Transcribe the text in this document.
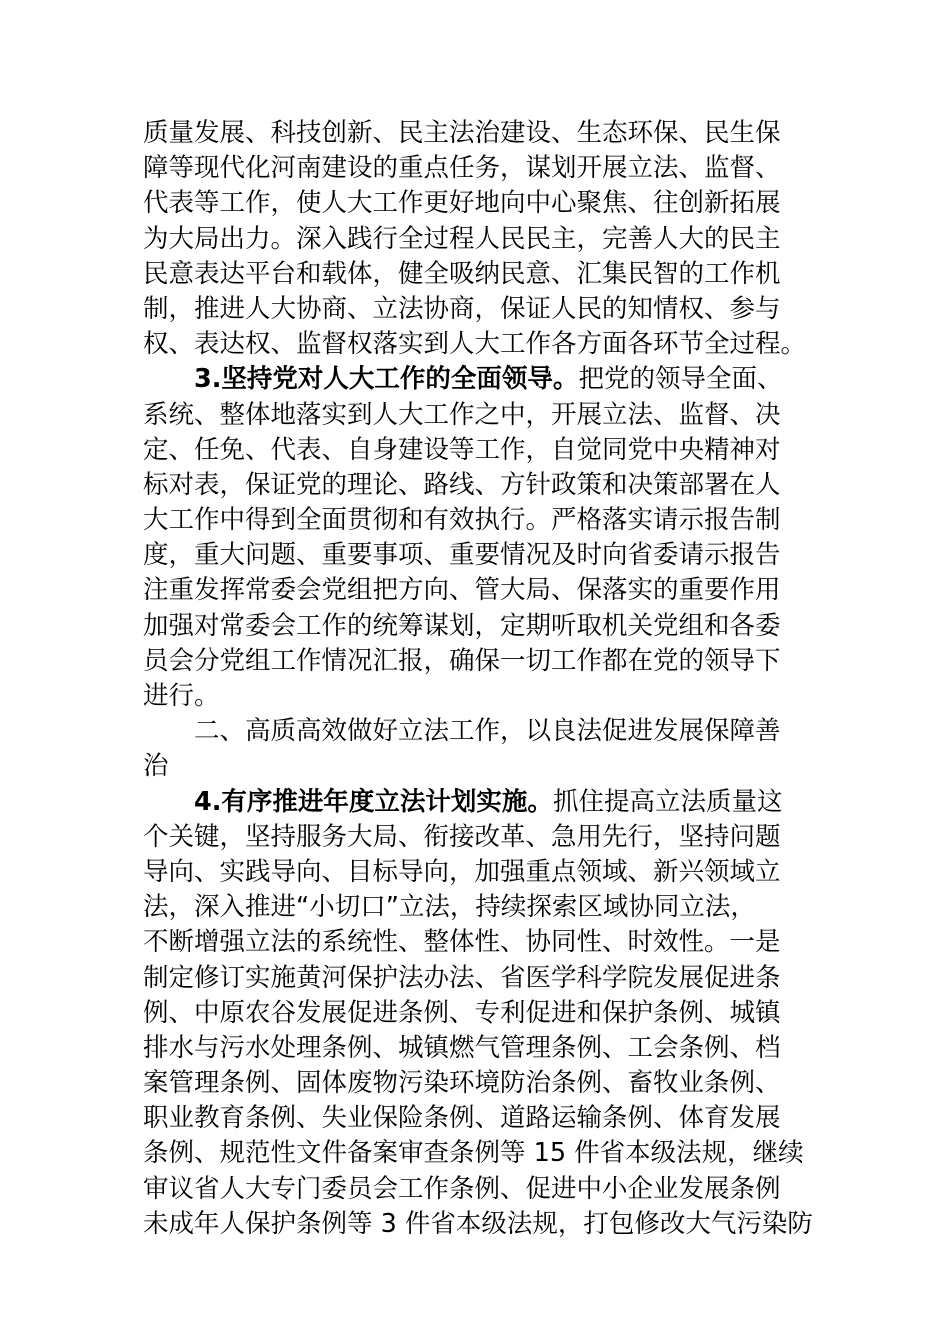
质量发展、科技创新、民主法治建设、生态环保、民生保
障等现代化河南建设的重点任务，谋划开展立法、监督、
代表等工作，使人大工作更好地向中心聚焦、往创新拓展
为大局出力。深入践行全过程人民民主，完善人大的民主
民意表达平台和载体，健全吸纳民意、汇集民智的工作机
制，推进人大协商、立法协商，保证人民的知情权、参与
权、表达权、监督权落实到人大工作各方面各环节全过程。
3.坚持党对人大工作的全面领导。把党的领导全面、
系统、整体地落实到人大工作之中，开展立法、监督、决
定、任免、代表、自身建设等工作，自觉同党中央精神对
标对表，保证党的理论、路线、方针政策和决策部署在人
大工作中得到全面贯彻和有效执行。严格落实请示报告制
度，重大问题、重要事项、重要情况及时向省委请示报告
注重发挥常委会党组把方向、管大局、保落实的重要作用
加强对常委会工作的统筹谋划，定期听取机关党组和各委
员会分党组工作情况汇报，确保一切工作都在党的领导下
进行。
二、高质高效做好立法工作，以良法促进发展保障善
治
4.有序推进年度立法计划实施。抓住提高立法质量这
个关键，坚持服务大局、衔接改革、急用先行，坚持问题
导向、实践导向、目标导向，加强重点领域、新兴领域立
法，深入推进“小切口”立法，持续探索区域协同立法，
不断增强立法的系统性、整体性、协同性、时效性。一是
制定修订实施黄河保护法办法、省医学科学院发展促进条
例、中原农谷发展促进条例、专利促进和保护条例、城镇
排水与污水处理条例、城镇燃气管理条例、工会条例、档
案管理条例、固体废物污染环境防治条例、畜牧业条例、
职业教育条例、失业保险条例、道路运输条例、体育发展
条例、规范性文件备案审查条例等 15 件省本级法规，继续
审议省人大专门委员会工作条例、促进中小企业发展条例
未成年人保护条例等 3 件省本级法规，打包修改大气污染防
